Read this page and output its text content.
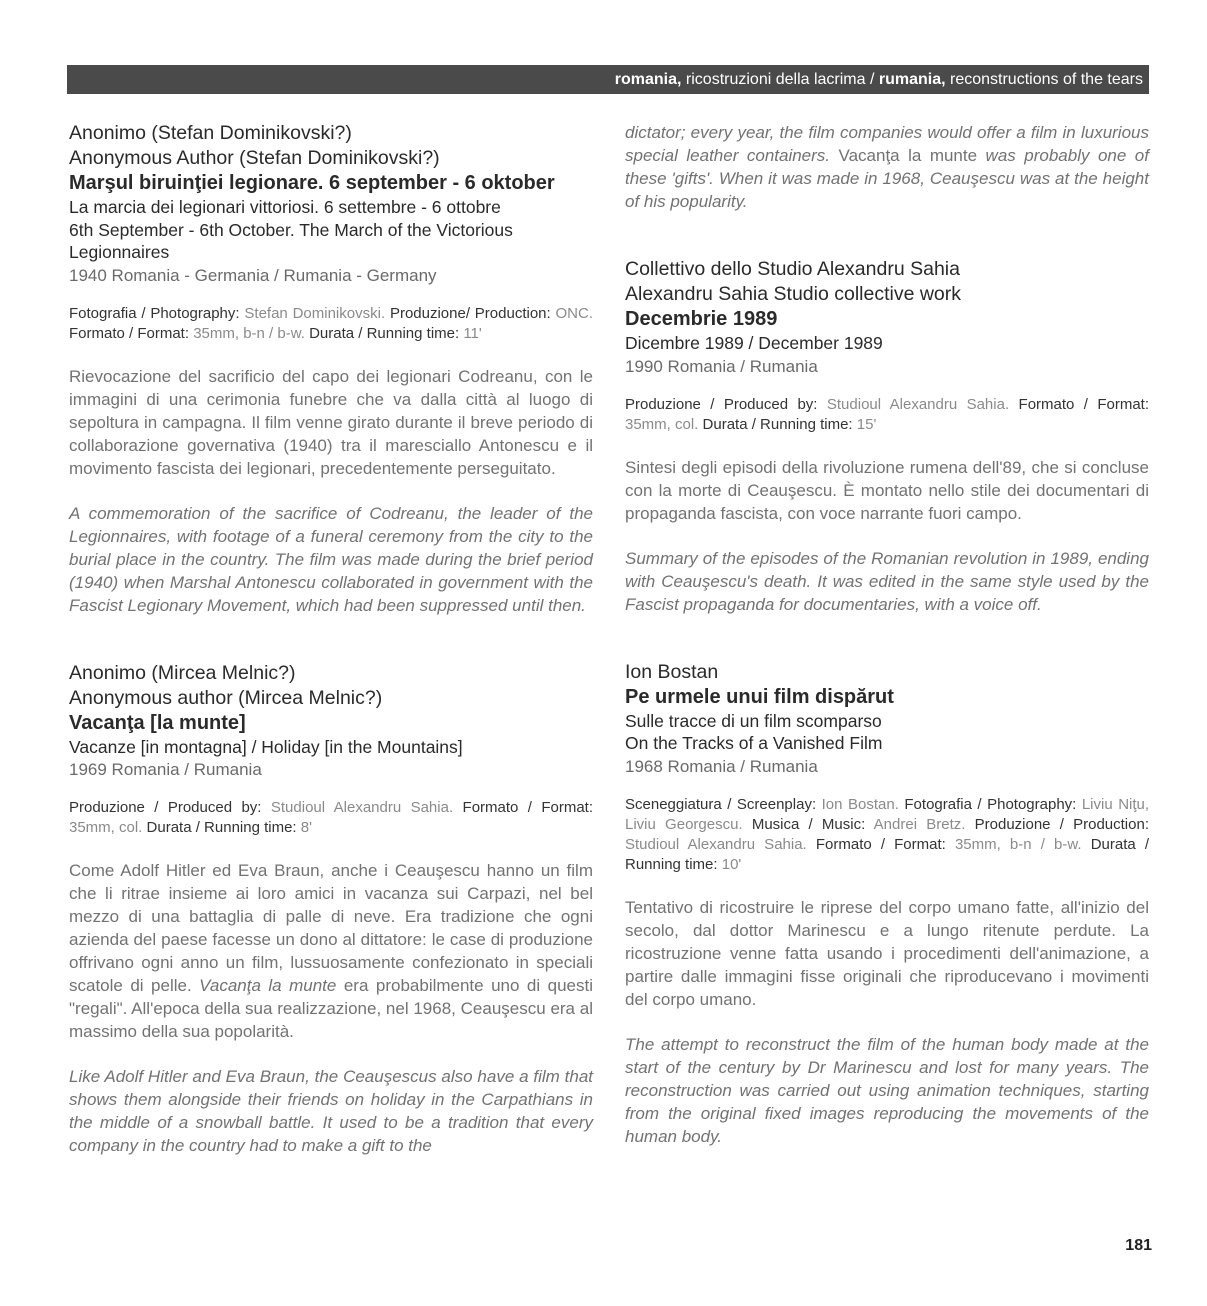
romania, ricostruzioni della lacrima / rumania, reconstructions of the tears
Anonimo (Stefan Dominikovski?)
Anonymous Author (Stefan Dominikovski?)
Marşul biruinţiei legionare. 6 september - 6 oktober
La marcia dei legionari vittoriosi. 6 settembre - 6 ottobre
6th September - 6th October. The March of the Victorious Legionnaires
1940 Romania - Germania / Rumania - Germany
Fotografia / Photography: Stefan Dominikovski. Produzione/ Production: ONC. Formato / Format: 35mm, b-n / b-w. Durata / Running time: 11'
Rievocazione del sacrificio del capo dei legionari Codreanu, con le immagini di una cerimonia funebre che va dalla città al luogo di sepoltura in campagna. Il film venne girato durante il breve periodo di collaborazione governativa (1940) tra il maresciallo Antonescu e il movimento fascista dei legionari, precedentemente perseguitato.
A commemoration of the sacrifice of Codreanu, the leader of the Legionnaires, with footage of a funeral ceremony from the city to the burial place in the country. The film was made during the brief period (1940) when Marshal Antonescu collaborated in government with the Fascist Legionary Movement, which had been suppressed until then.
Anonimo (Mircea Melnic?)
Anonymous author (Mircea Melnic?)
Vacanţa [la munte]
Vacanze [in montagna] / Holiday [in the Mountains]
1969 Romania / Rumania
Produzione / Produced by: Studioul Alexandru Sahia. Formato / Format: 35mm, col. Durata / Running time: 8'
Come Adolf Hitler ed Eva Braun, anche i Ceauşescu hanno un film che li ritrae insieme ai loro amici in vacanza sui Carpazi, nel bel mezzo di una battaglia di palle di neve. Era tradizione che ogni azienda del paese facesse un dono al dittatore: le case di produzione offrivano ogni anno un film, lussuosamente confezionato in speciali scatole di pelle. Vacanţa la munte era probabilmente uno di questi "regali". All'epoca della sua realizzazione, nel 1968, Ceauşescu era al massimo della sua popolarità.
Like Adolf Hitler and Eva Braun, the Ceauşescus also have a film that shows them alongside their friends on holiday in the Carpathians in the middle of a snowball battle. It used to be a tradition that every company in the country had to make a gift to the
dictator; every year, the film companies would offer a film in luxurious special leather containers. Vacanţa la munte was probably one of these 'gifts'. When it was made in 1968, Ceauşescu was at the height of his popularity.
Collettivo dello Studio Alexandru Sahia
Alexandru Sahia Studio collective work
Decembrie 1989
Dicembre 1989 / December 1989
1990 Romania / Rumania
Produzione / Produced by: Studioul Alexandru Sahia. Formato / Format: 35mm, col. Durata / Running time: 15'
Sintesi degli episodi della rivoluzione rumena dell'89, che si concluse con la morte di Ceauşescu. È montato nello stile dei documentari di propaganda fascista, con voce narrante fuori campo.
Summary of the episodes of the Romanian revolution in 1989, ending with Ceauşescu's death. It was edited in the same style used by the Fascist propaganda for documentaries, with a voice off.
Ion Bostan
Pe urmele unui film dispărut
Sulle tracce di un film scomparso
On the Tracks of a Vanished Film
1968 Romania / Rumania
Sceneggiatura / Screenplay: Ion Bostan. Fotografia / Photography: Liviu Niţu, Liviu Georgescu. Musica / Music: Andrei Bretz. Produzione / Production: Studioul Alexandru Sahia. Formato / Format: 35mm, b-n / b-w. Durata / Running time: 10'
Tentativo di ricostruire le riprese del corpo umano fatte, all'inizio del secolo, dal dottor Marinescu e a lungo ritenute perdute. La ricostruzione venne fatta usando i procedimenti dell'animazione, a partire dalle immagini fisse originali che riproducevano i movimenti del corpo umano.
The attempt to reconstruct the film of the human body made at the start of the century by Dr Marinescu and lost for many years. The reconstruction was carried out using animation techniques, starting from the original fixed images reproducing the movements of the human body.
181
